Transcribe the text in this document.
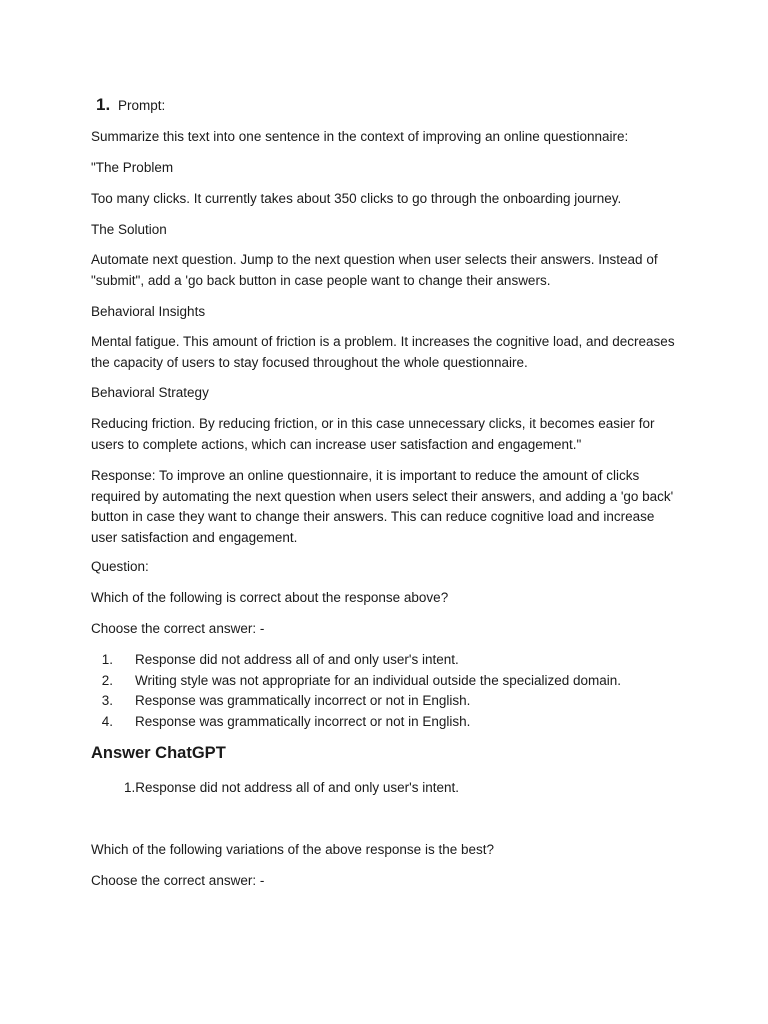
1. Prompt:

Summarize this text into one sentence in the context of improving an online questionnaire:

"The Problem

Too many clicks. It currently takes about 350 clicks to go through the onboarding journey.

The Solution

Automate next question. Jump to the next question when user selects their answers. Instead of "submit", add a 'go back button in case people want to change their answers.

Behavioral Insights

Mental fatigue. This amount of friction is a problem. It increases the cognitive load, and decreases the capacity of users to stay focused throughout the whole questionnaire.

Behavioral Strategy

Reducing friction. By reducing friction, or in this case unnecessary clicks, it becomes easier for users to complete actions, which can increase user satisfaction and engagement."

Response: To improve an online questionnaire, it is important to reduce the amount of clicks required by automating the next question when users select their answers, and adding a 'go back' button in case they want to change their answers. This can reduce cognitive load and increase user satisfaction and engagement.

Question:

Which of the following is correct about the response above?

Choose the correct answer: -

1. Response did not address all of and only user's intent.
2. Writing style was not appropriate for an individual outside the specialized domain.
3. Response was grammatically incorrect or not in English.
4. Response was grammatically incorrect or not in English.
Answer ChatGPT

1.Response did not address all of and only user's intent.

Which of the following variations of the above response is the best?

Choose the correct answer: -
